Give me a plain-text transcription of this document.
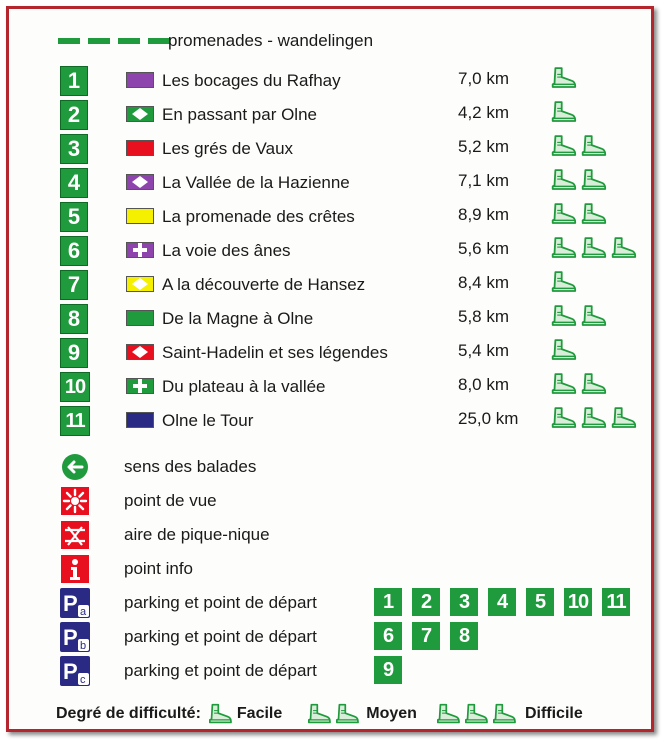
promenades - wandelingen
1	Les bocages du Rafhay	7,0 km
2	En passant par Olne	4,2 km
3	Les grés de Vaux	5,2 km
4	La Vallée de la Hazienne	7,1 km
5	La promenade des crêtes	8,9 km
6	La voie des ânes	5,6 km
7	A la découverte de Hansez	8,4 km
8	De la Magne à Olne	5,8 km
9	Saint-Hadelin et ses légendes	5,4 km
10	Du plateau à la vallée	8,0 km
11	Olne le Tour	25,0 km
sens des balades
point de vue
aire de pique-nique
point info
P a parking et point de départ	1	2	3	4	5	10 11
P b parking et point de départ	6	7	8
P c parking et point de départ	9
Degré de difficulté: Facile	Moyen	Difficile
